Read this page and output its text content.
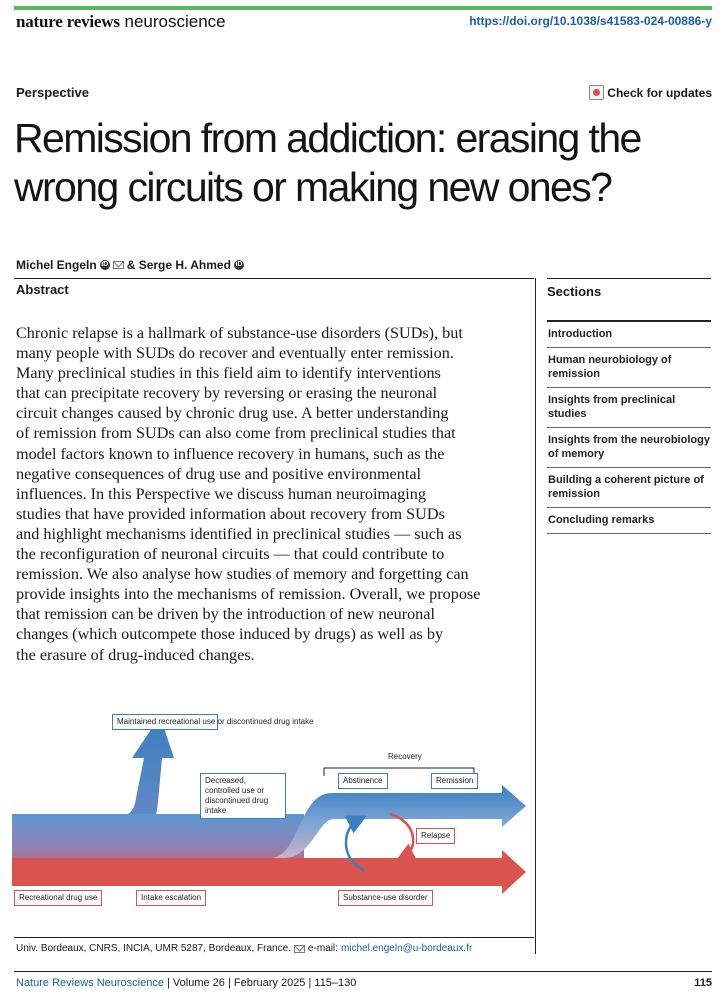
nature reviews neuroscience	https://doi.org/10.1038/s41583-024-00886-y
Perspective	Check for updates
Remission from addiction: erasing the wrong circuits or making new ones?
Michel Engeln iD & Serge H. Ahmed iD
Abstract

Chronic relapse is a hallmark of substance-use disorders (SUDs), but
many people with SUDs do recover and eventually enter remission.
Many preclinical studies in this field aim to identify interventions
that can precipitate recovery by reversing or erasing the neuronal
circuit changes caused by chronic drug use. A better understanding
of remission from SUDs can also come from preclinical studies that
model factors known to influence recovery in humans, such as the
negative consequences of drug use and positive environmental
influences. In this Perspective we discuss human neuroimaging
studies that have provided information about recovery from SUDs
and highlight mechanisms identified in preclinical studies — such as
the reconfiguration of neuronal circuits — that could contribute to
remission. We also analyse how studies of memory and forgetting can
provide insights into the mechanisms of remission. Overall, we propose
that remission can be driven by the introduction of new neuronal
changes (which outcompete those induced by drugs) as well as by
the erasure of drug-induced changes.

Sections
Introduction
Human neurobiology of remission
Insights from preclinical studies
Insights from the neurobiology of memory
Building a coherent picture of remission
Concluding remarks
Maintained recreational use or discontinued drug intake
Decreased, controlled use or discontinued drug intake
Recovery
Abstinence	Remission
Relapse
Recreational drug use	Intake escalation	Substance-use disorder
Univ. Bordeaux, CNRS, INCIA, UMR 5287, Bordeaux, France. e-mail: michel.engeln@u-bordeaux.fr
Nature Reviews Neuroscience | Volume 26 | February 2025 | 115–130	115
